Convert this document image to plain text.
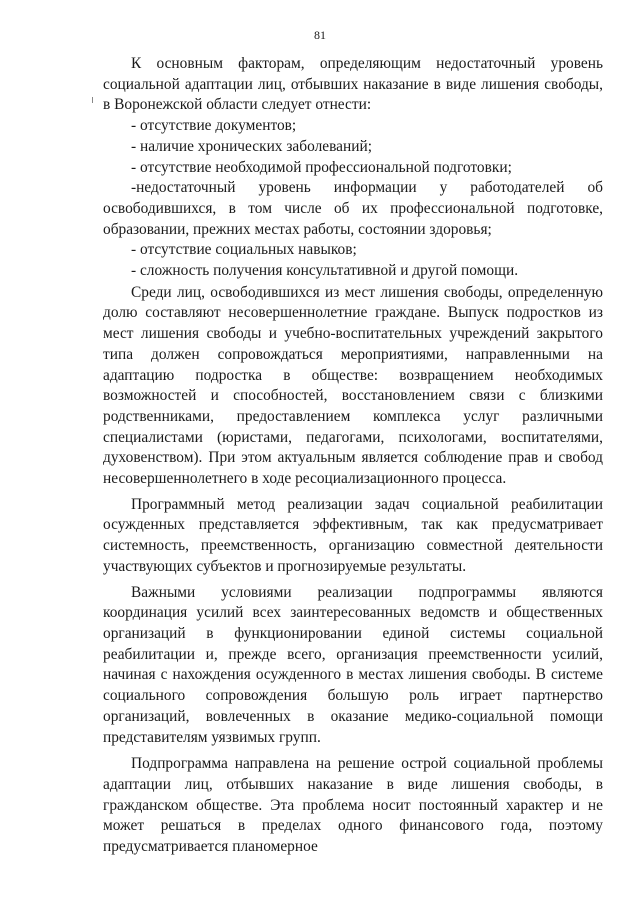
81

К основным факторам, определяющим недостаточный уровень социальной адаптации лиц, отбывших наказание в виде лишения свободы, в Воронежской области следует отнести:

- отсутствие документов;
- наличие хронических заболеваний;
- отсутствие необходимой профессиональной подготовки;
-недостаточный уровень информации у работодателей об освободившихся, в том числе об их профессиональной подготовке, образовании, прежних местах работы, состоянии здоровья;
- отсутствие социальных навыков;
- сложность получения консультативной и другой помощи.

Среди лиц, освободившихся из мест лишения свободы, определенную долю составляют несовершеннолетние граждане. Выпуск подростков из мест лишения свободы и учебно-воспитательных учреждений закрытого типа должен сопровождаться мероприятиями, направленными на адаптацию подростка в обществе: возвращением необходимых возможностей и способностей, восстановлением связи с близкими родственниками, предоставлением комплекса услуг различными специалистами (юристами, педагогами, психологами, воспитателями, духовенством). При этом актуальным является соблюдение прав и свобод несовершеннолетнего в ходе ресоциализационного процесса.

Программный метод реализации задач социальной реабилитации осужденных представляется эффективным, так как предусматривает системность, преемственность, организацию совместной деятельности участвующих субъектов и прогнозируемые результаты.

Важными условиями реализации подпрограммы являются координация усилий всех заинтересованных ведомств и общественных организаций в функционировании единой системы социальной реабилитации и, прежде всего, организация преемственности усилий, начиная с нахождения осужденного в местах лишения свободы. В системе социального сопровождения большую роль играет партнерство организаций, вовлеченных в оказание медико-социальной помощи представителям уязвимых групп.

Подпрограмма направлена на решение острой социальной проблемы адаптации лиц, отбывших наказание в виде лишения свободы, в гражданском обществе. Эта проблема носит постоянный характер и не может решаться в пределах одного финансового года, поэтому предусматривается планомерное
